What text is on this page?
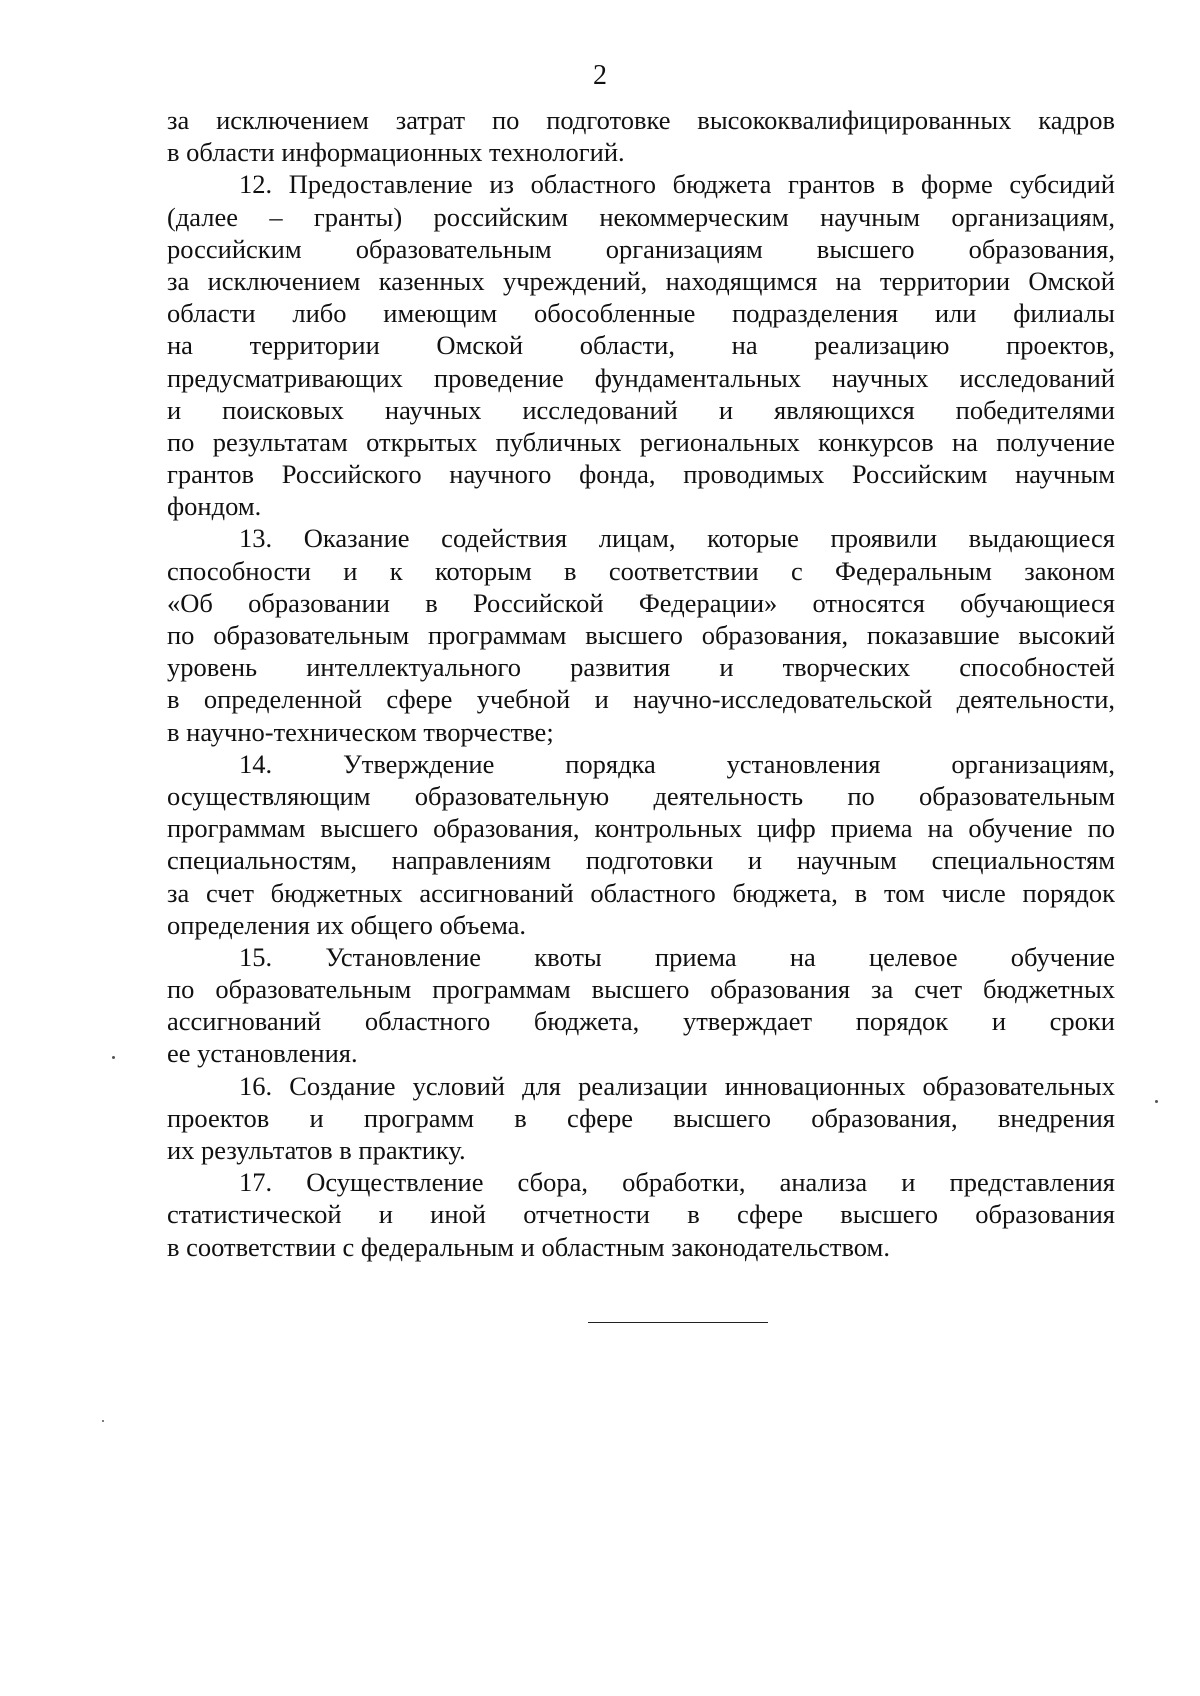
2
за исключением затрат по подготовке высококвалифицированных кадров
в области информационных технологий.
12. Предоставление из областного бюджета грантов в форме субсидий
(далее – гранты) российским некоммерческим научным организациям,
российским образовательным организациям высшего образования,
за исключением казенных учреждений, находящимся на территории Омской
области либо имеющим обособленные подразделения или филиалы
на территории Омской области, на реализацию проектов,
предусматривающих проведение фундаментальных научных исследований
и поисковых научных исследований и являющихся победителями
по результатам открытых публичных региональных конкурсов на получение
грантов Российского научного фонда, проводимых Российским научным
фондом.
13. Оказание содействия лицам, которые проявили выдающиеся
способности и к которым в соответствии с Федеральным законом
«Об образовании в Российской Федерации» относятся обучающиеся
по образовательным программам высшего образования, показавшие высокий
уровень интеллектуального развития и творческих способностей
в определенной сфере учебной и научно-исследовательской деятельности,
в научно-техническом творчестве;
14. Утверждение порядка установления организациям,
осуществляющим образовательную деятельность по образовательным
программам высшего образования, контрольных цифр приема на обучение по
специальностям, направлениям подготовки и научным специальностям
за счет бюджетных ассигнований областного бюджета, в том числе порядок
определения их общего объема.
15. Установление квоты приема на целевое обучение
по образовательным программам высшего образования за счет бюджетных
ассигнований областного бюджета, утверждает порядок и сроки
ее установления.
16. Создание условий для реализации инновационных образовательных
проектов и программ в сфере высшего образования, внедрения
их результатов в практику.
17. Осуществление сбора, обработки, анализа и представления
статистической и иной отчетности в сфере высшего образования
в соответствии с федеральным и областным законодательством.
